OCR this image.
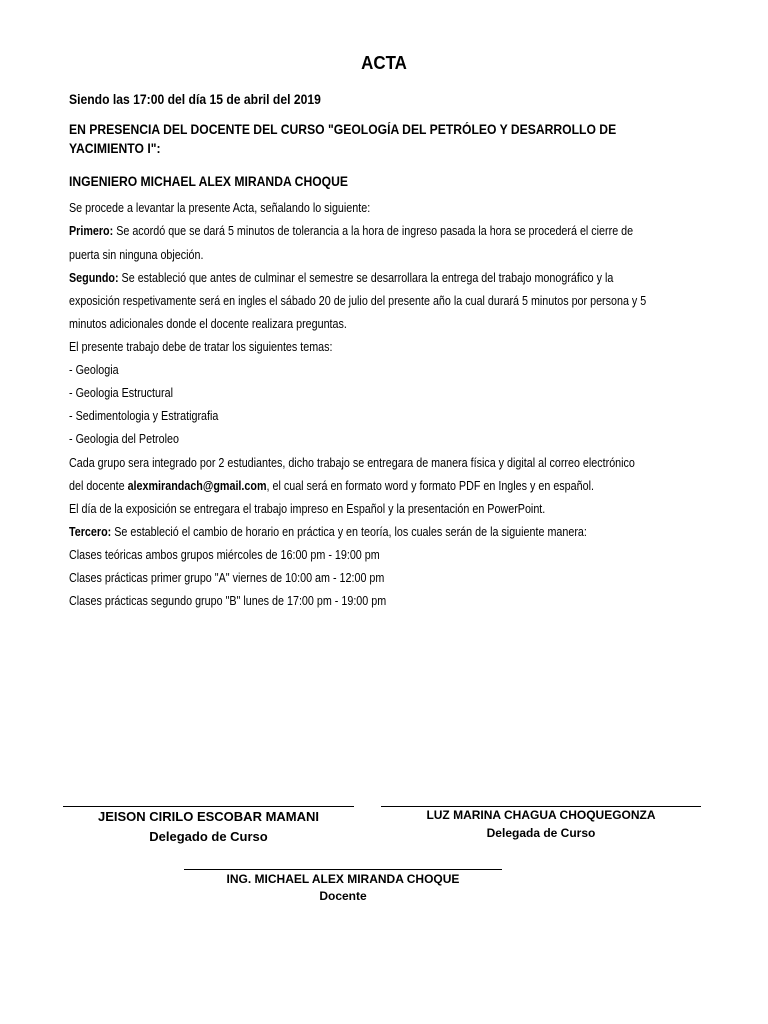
ACTA
Siendo las 17:00 del día 15 de abril del 2019
EN PRESENCIA DEL DOCENTE DEL CURSO "GEOLOGÍA DEL PETRÓLEO Y DESARROLLO DE
YACIMIENTO I":
INGENIERO MICHAEL ALEX MIRANDA CHOQUE
Se procede a levantar la presente Acta, señalando lo siguiente:
Primero: Se acordó que se dará 5 minutos de tolerancia a la hora de ingreso pasada la hora se procederá el cierre de
puerta sin ninguna objeción.
Segundo: Se estableció que antes de culminar el semestre se desarrollara la entrega del trabajo monográfico y la
exposición respetivamente será en ingles el sábado 20 de julio del presente año la cual durará 5 minutos por persona y 5
minutos adicionales donde el docente realizara preguntas.
El presente trabajo debe de tratar los siguientes temas:
- Geologia
- Geologia Estructural
- Sedimentologia y Estratigrafia
- Geologia del Petroleo
Cada grupo sera integrado por 2 estudiantes, dicho trabajo se entregara de manera física y digital al correo electrónico
del docente alexmirandach@gmail.com, el cual será en formato word y formato PDF en Ingles y en español.
El día de la exposición se entregara el trabajo impreso en Español y la presentación en PowerPoint.
Tercero: Se estableció el cambio de horario en práctica y en teoría, los cuales serán de la siguiente manera:
Clases teóricas ambos grupos miércoles de 16:00 pm - 19:00 pm
Clases prácticas primer grupo "A" viernes de 10:00 am - 12:00 pm
Clases prácticas segundo grupo "B" lunes de 17:00 pm - 19:00 pm
JEISON CIRILO ESCOBAR MAMANI
Delegado de Curso
LUZ MARINA CHAGUA CHOQUEGONZA
Delegada de Curso
ING. MICHAEL ALEX MIRANDA CHOQUE
Docente
